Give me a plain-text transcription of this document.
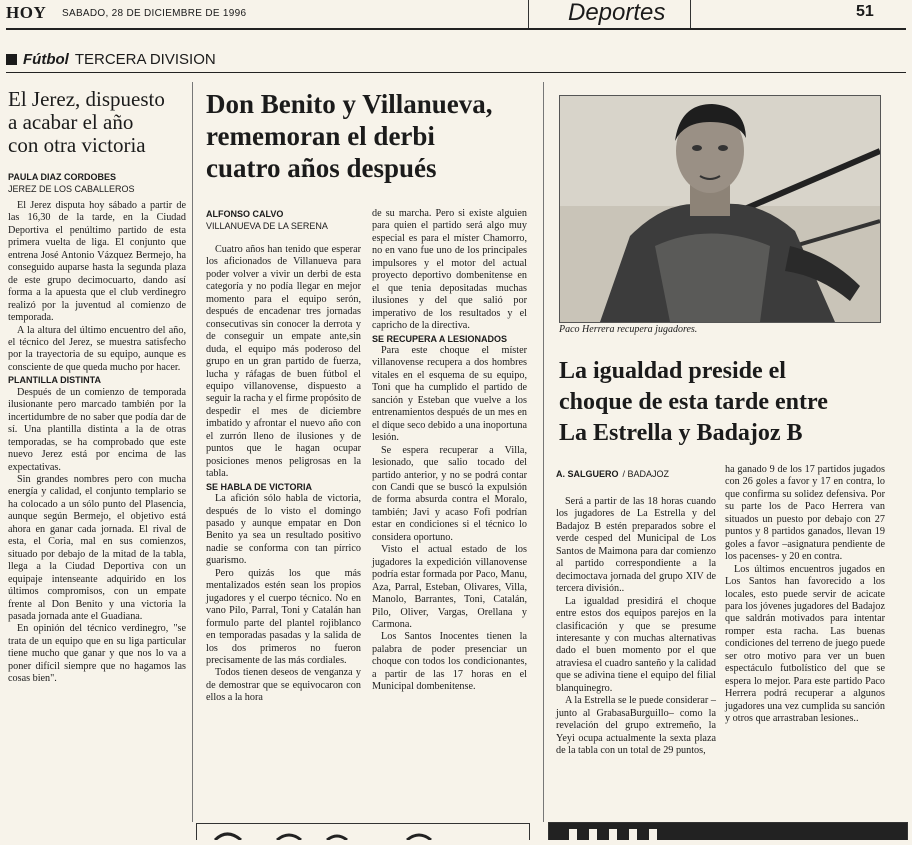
HOY SABADO, 28 DE DICIEMBRE DE 1996	Deportes	51
Fútbol TERCERA DIVISION
El Jerez, dispuesto
a acabar el año
con otra victoria
PAULA DIAZ CORDOBES
JEREZ DE LOS CABALLEROS

El Jerez disputa hoy sábado a partir de las 16,30 de la tarde, en la Ciudad Deportiva el penúltimo partido de esta primera vuelta de liga. El conjunto que entrena José Antonio Vázquez Bermejo, ha conseguido auparse hasta la segunda plaza de este grupo decimocuarto, dando así forma a la apuesta que el club verdinegro realizó por la juventud al comienzo de temporada.

A la altura del último encuentro del año, el técnico del Jerez, se muestra satisfecho por la trayectoria de su equipo, aunque es consciente de que queda mucho por hacer.

PLANTILLA DISTINTA

Después de un comienzo de temporada ilusionante pero marcado también por la incertidumbre de no saber que podía dar de sí. Una plantilla distinta a la de otras temporadas, se ha comprobado que este nuevo Jerez está por encima de las expectativas.

Sin grandes nombres pero con mucha energía y calidad, el conjunto templario se ha colocado a un sólo punto del Plasencia, aunque según Bermejo, el objetivo está ahora en ganar cada jornada. El rival de esta, el Coria, mal en sus comienzos, situado por debajo de la mitad de la tabla, llega a la Ciudad Deportiva con un equipaje intenseante adquirido en los últimos compromisos, con un empate frente al Don Benito y una victoria la pasada jornada ante el Guadiana.

En opinión del técnico verdinegro, "se trata de un equipo que en su liga particular tiene mucho que ganar y que nos lo va a poner difícil siempre que no hagamos las cosas bien".

Don Benito y Villanueva,
rememoran el derbi
cuatro años después
ALFONSO CALVO
VILLANUEVA DE LA SERENA

Cuatro años han tenido que esperar los aficionados de Villanueva para poder volver a vivir un derbi de esta categoría y no podía llegar en mejor momento para el equipo serón, después de encadenar tres jornadas consecutivas sin conocer la derrota y de conseguir un empate ante,sin duda, el equipo más poderoso del grupo en un gran partido de fuerza, lucha y ráfagas de buen fútbol el equipo villanovense, dispuesto a seguir la racha y el firme propósito de despedir el mes de diciembre imbatido y afrontar el nuevo año con el zurrón lleno de ilusiones y de puntos que le hagan ocupar posiciones menos peligrosas en la tabla.

SE HABLA DE VICTORIA

La afición sólo habla de victoria, después de lo visto el domingo pasado y aunque empatar en Don Benito ya sea un resultado positivo nadie se conforma con tan pírrico guarismo.

Pero quizás los que más mentalizados estén sean los propios jugadores y el cuerpo técnico. No en vano Pilo, Parral, Toni y Catalán han formulo parte del plantel rojiblanco en temporadas pasadas y la salida de los dos primeros no fueron precisamente de las más cordiales.

Todos tienen deseos de venganza y de demostrar que se equivocaron con ellos a la hora

de su marcha. Pero si existe alguien para quien el partido será algo muy especial es para el míster Chamorro, no en vano fue uno de los principales impulsores y el motor del actual proyecto deportivo dombenitense en el que tenia depositadas muchas ilusiones y del que salió por imperativo de los resultados y el capricho de la directiva.

SE RECUPERA A LESIONADOS

Para este choque el míster villanovense recupera a dos hombres vitales en el esquema de su equipo, Toni que ha cumplido el partido de sanción y Esteban que vuelve a los entrenamientos después de un mes en el dique seco debido a una inoportuna lesión.

Se espera recuperar a Villa, lesionado, que salio tocado del partido anterior, y no se podrá contar con Candi que se buscó la expulsión de forma absurda contra el Moralo, también; Javi y acaso Fofi podrían estar en condiciones si el técnico lo considera oportuno.

Visto el actual estado de los jugadores la expedición villanovense podría estar formada por Paco, Manu, Aza, Parral, Esteban, Olivares, Villa, Manolo, Barrantes, Toni, Catalán, Pilo, Oliver, Vargas, Orellana y Carmona.

Los Santos Inocentes tienen la palabra de poder presenciar un choque con todos los condicionantes, a partir de las 17 horas en el Municipal dombenitense.

Paco Herrera recupera jugadores.
La igualdad preside el
choque de esta tarde entre
La Estrella y Badajoz B
A. SALGUERO / BADAJOZ

Será a partir de las 18 horas cuando los jugadores de La Estrella y del Badajoz B estén preparados sobre el verde cesped del Municipal de Los Santos de Maimona para dar comienzo al partido correspondiente a la decimoctava jornada del grupo XIV de tercera división..

La igualdad presidirá el choque entre estos dos equipos parejos en la clasificación y que se presume interesante y con muchas alternativas dado el buen momento por el que atraviesa el cuadro santeño y la calidad que se adivina tiene el equipo del filial blanquinegro.

A la Estrella se le puede considerar –junto al GrabasaBurguillo– como la revelación del grupo extremeño, la Yeyi ocupa actualmente la sexta plaza de la tabla con un total de 29 puntos,

ha ganado 9 de los 17 partidos jugados con 26 goles a favor y 17 en contra, lo que confirma su solidez defensiva. Por su parte los de Paco Herrera van situados un puesto por debajo con 27 puntos y 8 partidos ganados, llevan 19 goles a favor –asignatura pendiente de los pacenses- y 20 en contra.

Los últimos encuentros jugados en Los Santos han favorecido a los locales, esto puede servir de acicate para los jóvenes jugadores del Badajoz que saldrán motivados para intentar romper esta racha. Las buenas condiciones del terreno de juego puede ser otro motivo para ver un buen espectáculo futbolístico del que se espera lo mejor. Para este partido Paco Herrera podrá recuperar a algunos jugadores una vez cumplida su sanción y otros que arrastraban lesiones..
